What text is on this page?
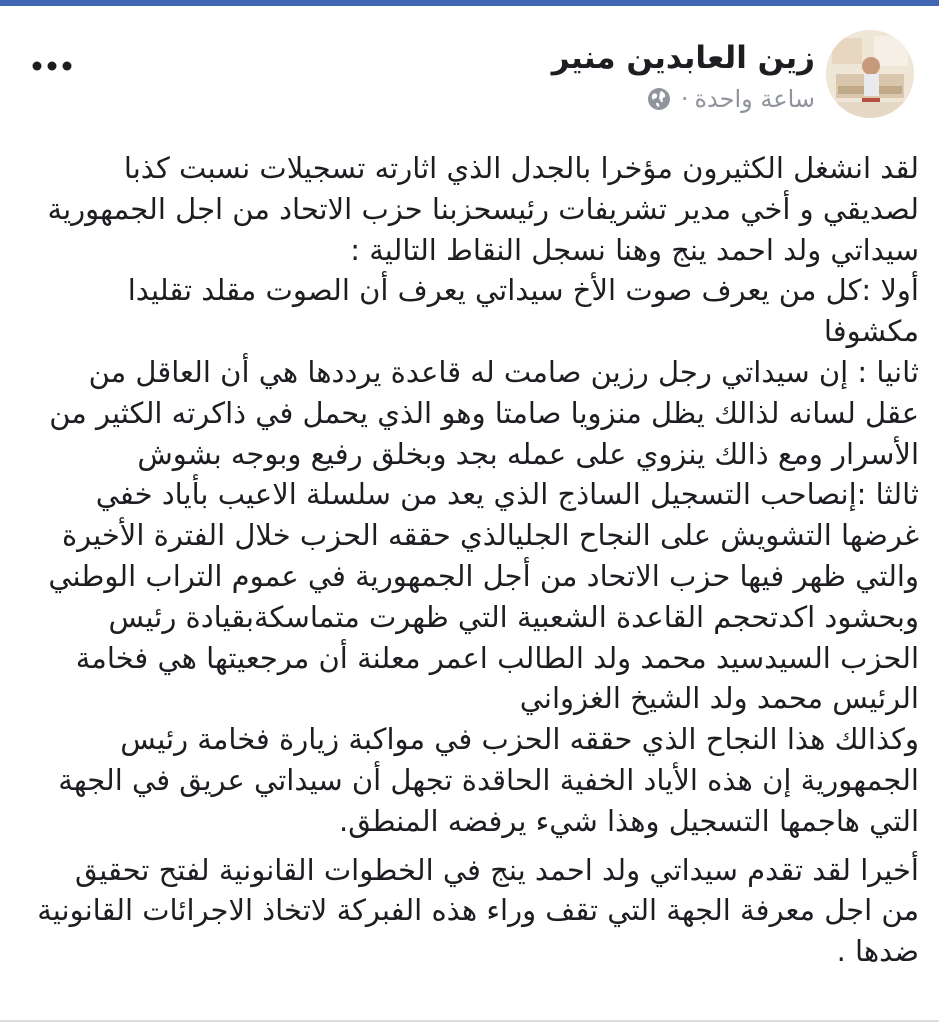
زين العابدين منير
ساعة واحدة
·

لقد انشغل الكثيرون مؤخرا بالجدل الذي اثارته تسجيلات نسبت كذبا لصديقي و أخي مدير تشريفات رئيسحزبنا حزب الاتحاد من اجل الجمهورية سيداتي ولد احمد ينج وهنا نسجل النقاط التالية :

أولا :كل من يعرف صوت الأخ سيداتي يعرف أن الصوت مقلد تقليدا مكشوفا

ثانيا : إن سيداتي رجل رزين صامت له قاعدة يرددها هي أن العاقل من عقل لسانه لذالك يظل منزويا صامتا وهو الذي يحمل في ذاكرته الكثير من الأسرار ومع ذالك ينزوي على عمله بجد وبخلق رفيع وبوجه بشوش

ثالثا :إنصاحب التسجيل الساذج الذي يعد من سلسلة الاعيب بأياد خفي غرضها التشويش على النجاح الجليالذي حققه الحزب خلال الفترة الأخيرة والتي ظهر فيها حزب الاتحاد من أجل الجمهورية في عموم التراب الوطني وبحشود اكدتحجم القاعدة الشعبية التي ظهرت متماسكةبقيادة رئيس الحزب السيدسيد محمد ولد الطالب اعمر معلنة أن مرجعيتها هي فخامة الرئيس محمد ولد الشيخ الغزواني

وكذالك هذا النجاح الذي حققه الحزب في مواكبة زيارة فخامة رئيس الجمهورية إن هذه الأياد الخفية الحاقدة تجهل أن سيداتي عريق في الجهة التي هاجمها التسجيل وهذا شيء يرفضه المنطق.

أخيرا لقد تقدم سيداتي ولد احمد ينج في الخطوات القانونية لفتح تحقيق من اجل معرفة الجهة التي تقف وراء هذه الفبركة لاتخاذ الاجرائات القانونية ضدها .
